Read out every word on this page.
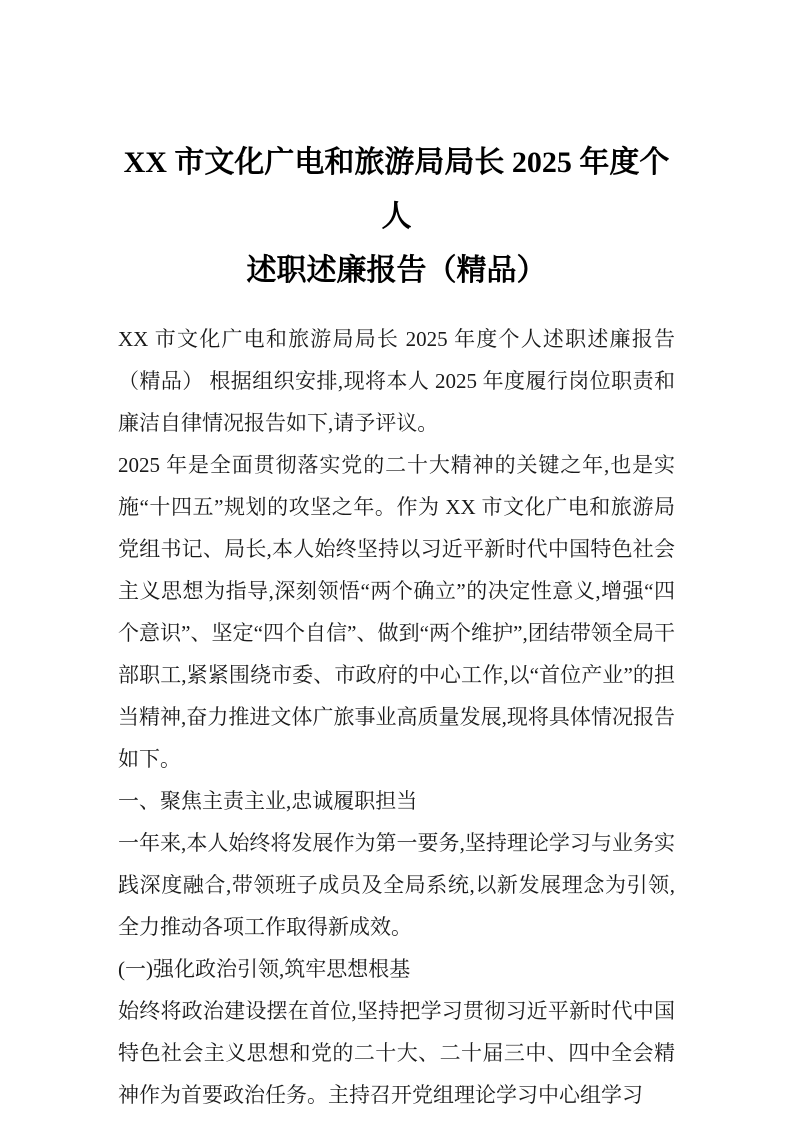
XX 市文化广电和旅游局局长 2025 年度个人
述职述廉报告（精品）

XX 市文化广电和旅游局局长 2025 年度个人述职述廉报告（精品） 根据组织安排,现将本人 2025 年度履行岗位职责和廉洁自律情况报告如下,请予评议。

2025 年是全面贯彻落实党的二十大精神的关键之年,也是实施“十四五”规划的攻坚之年。作为 XX 市文化广电和旅游局党组书记、局长,本人始终坚持以习近平新时代中国特色社会主义思想为指导,深刻领悟“两个确立”的决定性意义,增强“四个意识”、坚定“四个自信”、做到“两个维护”,团结带领全局干部职工,紧紧围绕市委、市政府的中心工作,以“首位产业”的担当精神,奋力推进文体广旅事业高质量发展,现将具体情况报告如下。

一、聚焦主责主业,忠诚履职担当

一年来,本人始终将发展作为第一要务,坚持理论学习与业务实践深度融合,带领班子成员及全局系统,以新发展理念为引领,全力推动各项工作取得新成效。

(一)强化政治引领,筑牢思想根基

始终将政治建设摆在首位,坚持把学习贯彻习近平新时代中国特色社会主义思想和党的二十大、二十届三中、四中全会精神作为首要政治任务。主持召开党组理论学习中心组学习
